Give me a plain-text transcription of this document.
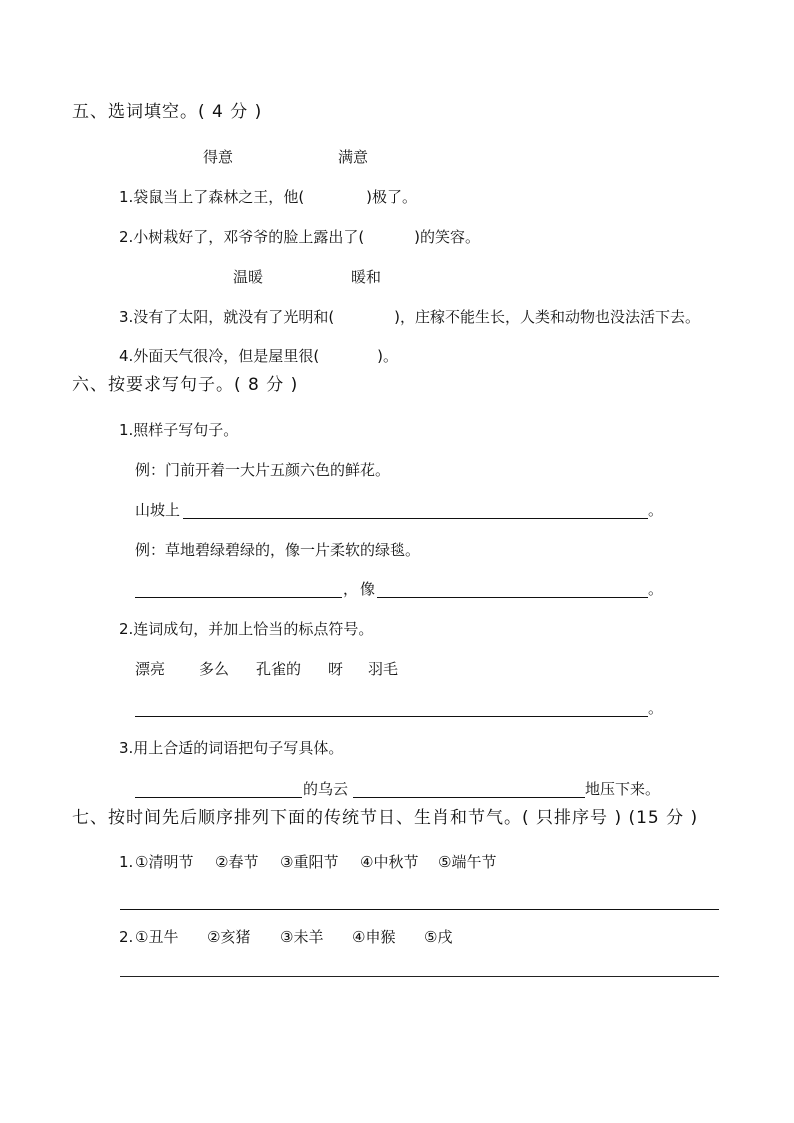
五、选词填空。( 4 分 )
得意	满意
1.袋鼠当上了森林之王，他(	)极了。
2.小树栽好了，邓爷爷的脸上露出了(	)的笑容。
温暖	暖和
3.没有了太阳，就没有了光明和(	)，庄稼不能生长，人类和动物也没法活下去。
4.外面天气很冷，但是屋里很(	)。
六、按要求写句子。( 8 分 )
1.照样子写句子。
例：门前开着一大片五颜六色的鲜花。
山坡上	。
例：草地碧绿碧绿的，像一片柔软的绿毯。
， 像	。
2.连词成句，并加上恰当的标点符号。
漂亮 多么 孔雀的 呀 羽毛
。
3.用上合适的词语把句子写具体。
的乌云	地压下来。
七、按时间先后顺序排列下面的传统节日、生肖和节气。( 只排序号 ) (15 分 )
1. ①清明节 ②春节 ③重阳节 ④中秋节 ⑤端午节
2. ①丑牛 ②亥猪 ③未羊 ④申猴 ⑤戌
